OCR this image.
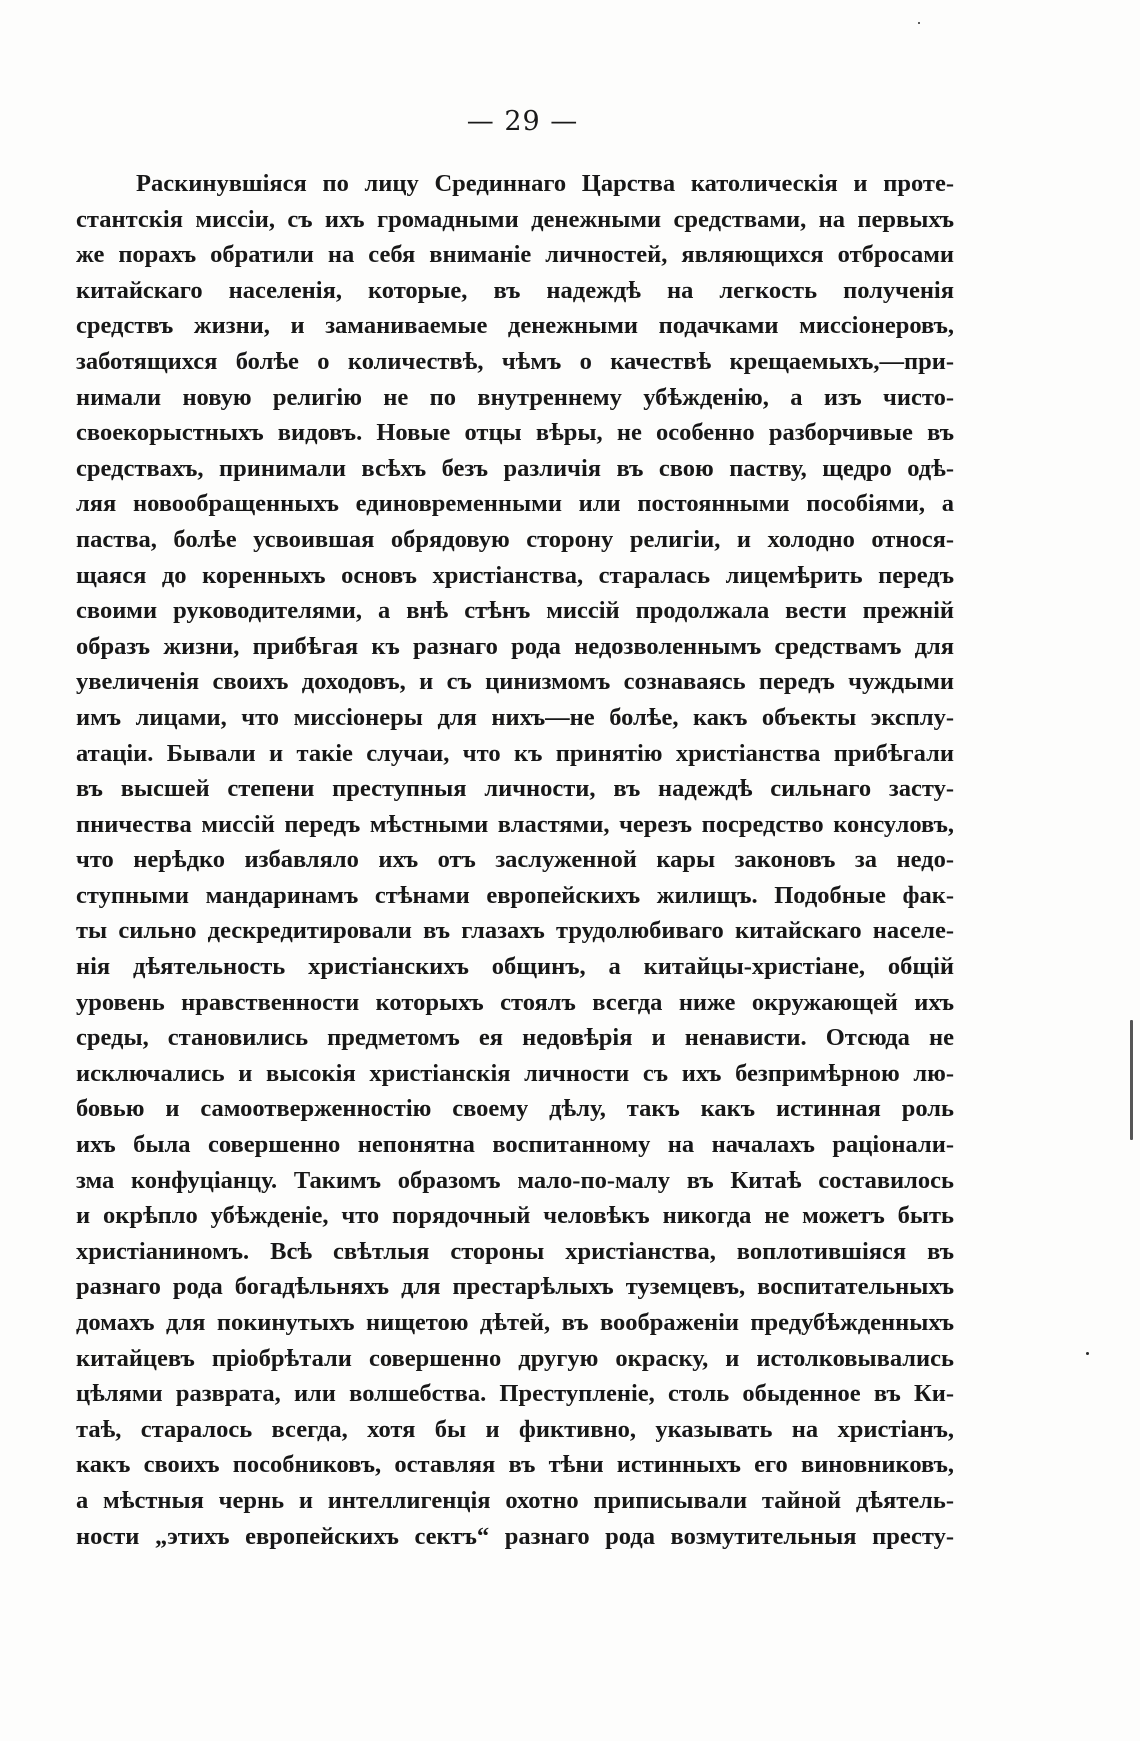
— 29 —
Раскинувшіяся по лицу Срединнаго Царства католическія и проте-
стантскія миссіи, съ ихъ громадными денежными средствами, на первыхъ
же порахъ обратили на себя вниманіе личностей, являющихся отбросами
китайскаго населенія, которые, въ надеждѣ на легкость полученія
средствъ жизни, и заманиваемые денежными подачками миссіонеровъ,
заботящихся болѣе о количествѣ, чѣмъ о качествѣ крещаемыхъ,—при-
нимали новую религію не по внутреннему убѣжденію, а изъ чисто-
своекорыстныхъ видовъ. Новые отцы вѣры, не особенно разборчивые въ
средствахъ, принимали всѣхъ безъ различія въ свою паству, щедро одѣ-
ляя новообращенныхъ единовременными или постоянными пособіями, а
паства, болѣе усвоившая обрядовую сторону религіи, и холодно относя-
щаяся до коренныхъ основъ христіанства, старалась лицемѣрить передъ
своими руководителями, а внѣ стѣнъ миссій продолжала вести прежній
образъ жизни, прибѣгая къ разнаго рода недозволеннымъ средствамъ для
увеличенія своихъ доходовъ, и съ цинизмомъ сознаваясь передъ чуждыми
имъ лицами, что миссіонеры для нихъ—не болѣе, какъ объекты эксплу-
атаціи. Бывали и такіе случаи, что къ принятію христіанства прибѣгали
въ высшей степени преступныя личности, въ надеждѣ сильнаго засту-
пничества миссій передъ мѣстными властями, черезъ посредство консуловъ,
что нерѣдко избавляло ихъ отъ заслуженной кары законовъ за недо-
ступными мандаринамъ стѣнами европейскихъ жилищъ. Подобные фак-
ты сильно дескредитировали въ глазахъ трудолюбиваго китайскаго населе-
нія дѣятельность христіанскихъ общинъ, а китайцы-христіане, общій
уровень нравственности которыхъ стоялъ всегда ниже окружающей ихъ
среды, становились предметомъ ея недовѣрія и ненависти. Отсюда не
исключались и высокія христіанскія личности съ ихъ безпримѣрною лю-
бовью и самоотверженностію своему дѣлу, такъ какъ истинная роль
ихъ была совершенно непонятна воспитанному на началахъ раціонали-
зма конфуціанцу. Такимъ образомъ мало-по-малу въ Китаѣ составилось
и окрѣпло убѣжденіе, что порядочный человѣкъ никогда не можетъ быть
христіаниномъ. Всѣ свѣтлыя стороны христіанства, воплотившіяся въ
разнаго рода богадѣльняхъ для престарѣлыхъ туземцевъ, воспитательныхъ
домахъ для покинутыхъ нищетою дѣтей, въ воображеніи предубѣжденныхъ
китайцевъ пріобрѣтали совершенно другую окраску, и истолковывались
цѣлями разврата, или волшебства. Преступленіе, столь обыденное въ Ки-
таѣ, старалось всегда, хотя бы и фиктивно, указывать на христіанъ,
какъ своихъ пособниковъ, оставляя въ тѣни истинныхъ его виновниковъ,
а мѣстныя чернь и интеллигенція охотно приписывали тайной дѣятель-
ности „этихъ европейскихъ сектъ“ разнаго рода возмутительныя престу-
